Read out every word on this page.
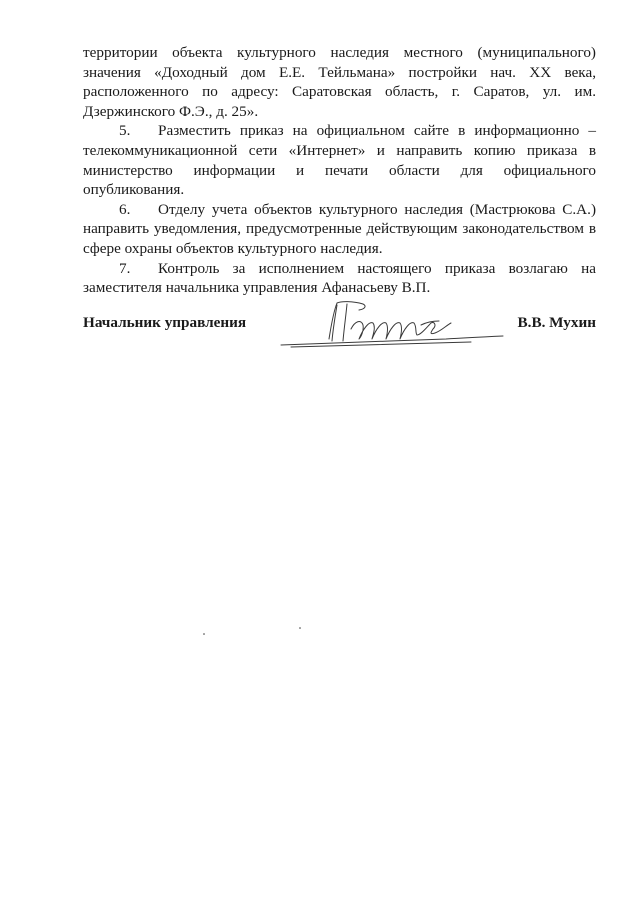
территории объекта культурного наследия местного (муниципального) значения «Доходный дом Е.Е. Тейльмана» постройки нач. XX века, расположенного по адресу: Саратовская область, г. Саратов, ул. им. Дзержинского Ф.Э., д. 25».

5. Разместить приказ на официальном сайте в информационно – телекоммуникационной сети «Интернет» и направить копию приказа в министерство информации и печати области для официального опубликования.

6. Отделу учета объектов культурного наследия (Мастрюкова С.А.) направить уведомления, предусмотренные действующим законодательством в сфере охраны объектов культурного наследия.

7. Контроль за исполнением настоящего приказа возлагаю на заместителя начальника управления Афанасьеву В.П.

Начальник управления	В.В. Мухин
